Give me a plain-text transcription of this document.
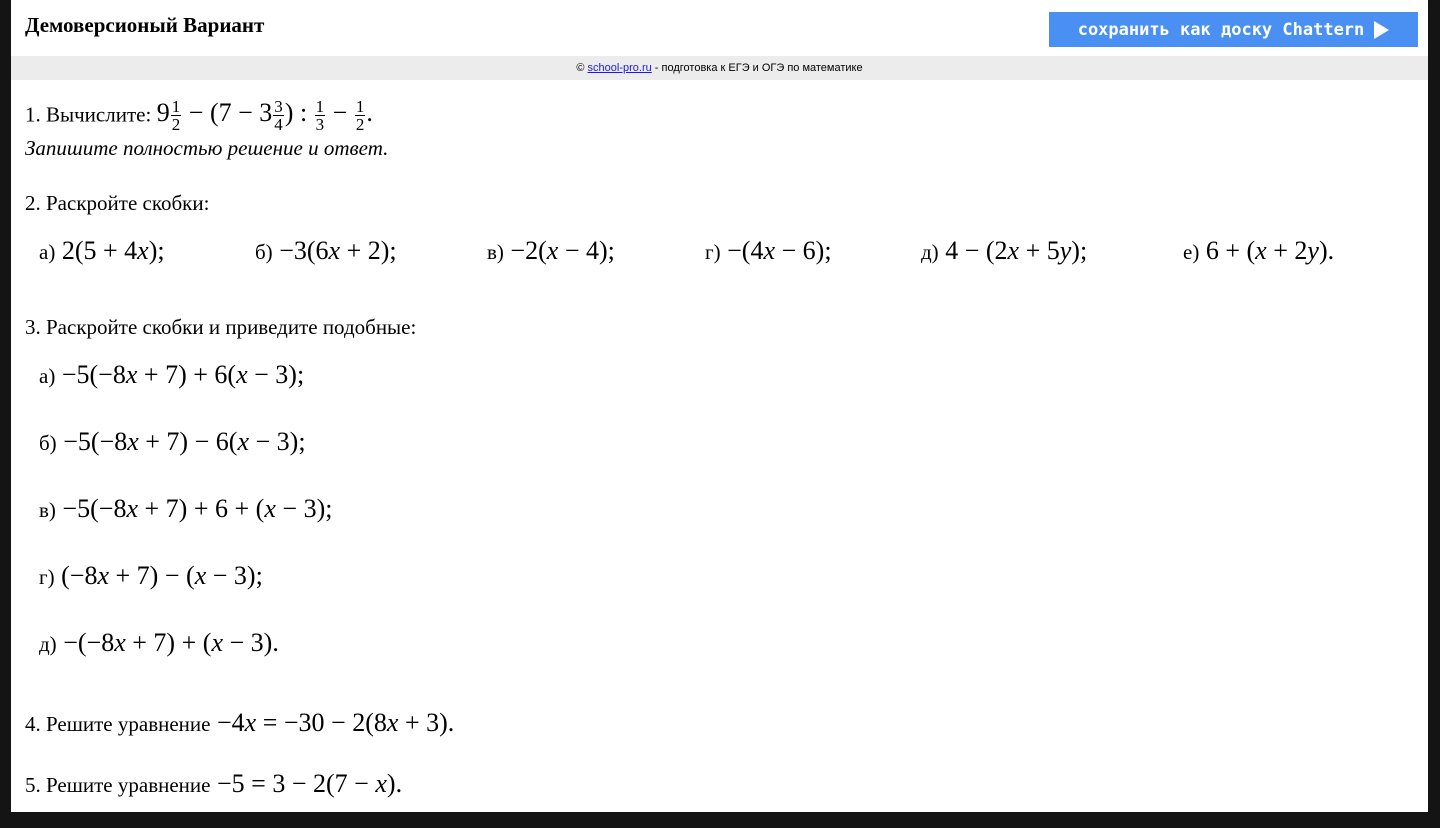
Демоверсионый Вариант	сохранить как доску Chattern
© school-pro.ru - подготовка к ЕГЭ и ОГЭ по математике
1. Вычислите: $9 \frac{1}{2} - (7 - 3 \frac{3}{4}$ ) : $\frac{1}{3} - \frac{1}{2}$ .
Запишите полностью решение и ответ.
2. Раскройте скобки:
а) 2(5 + 4x);	б) −3(6x + 2);	в) −2(x − 4);	г) −(4x − 6);	д) 4 − (2x + 5y);	е) 6 + (x + 2y).
3. Раскройте скобки и приведите подобные:
а) −5(−8x + 7) + 6(x − 3);
б) −5(−8x + 7) − 6(x − 3);
в) −5(−8x + 7) + 6 + (x − 3);
г) (−8x + 7) − (x − 3);
д) −(−8x + 7) + (x − 3).
4. Решите уравнение −4x = −30 − 2(8x + 3).
5. Решите уравнение −5 = 3 − 2(7 − x).
